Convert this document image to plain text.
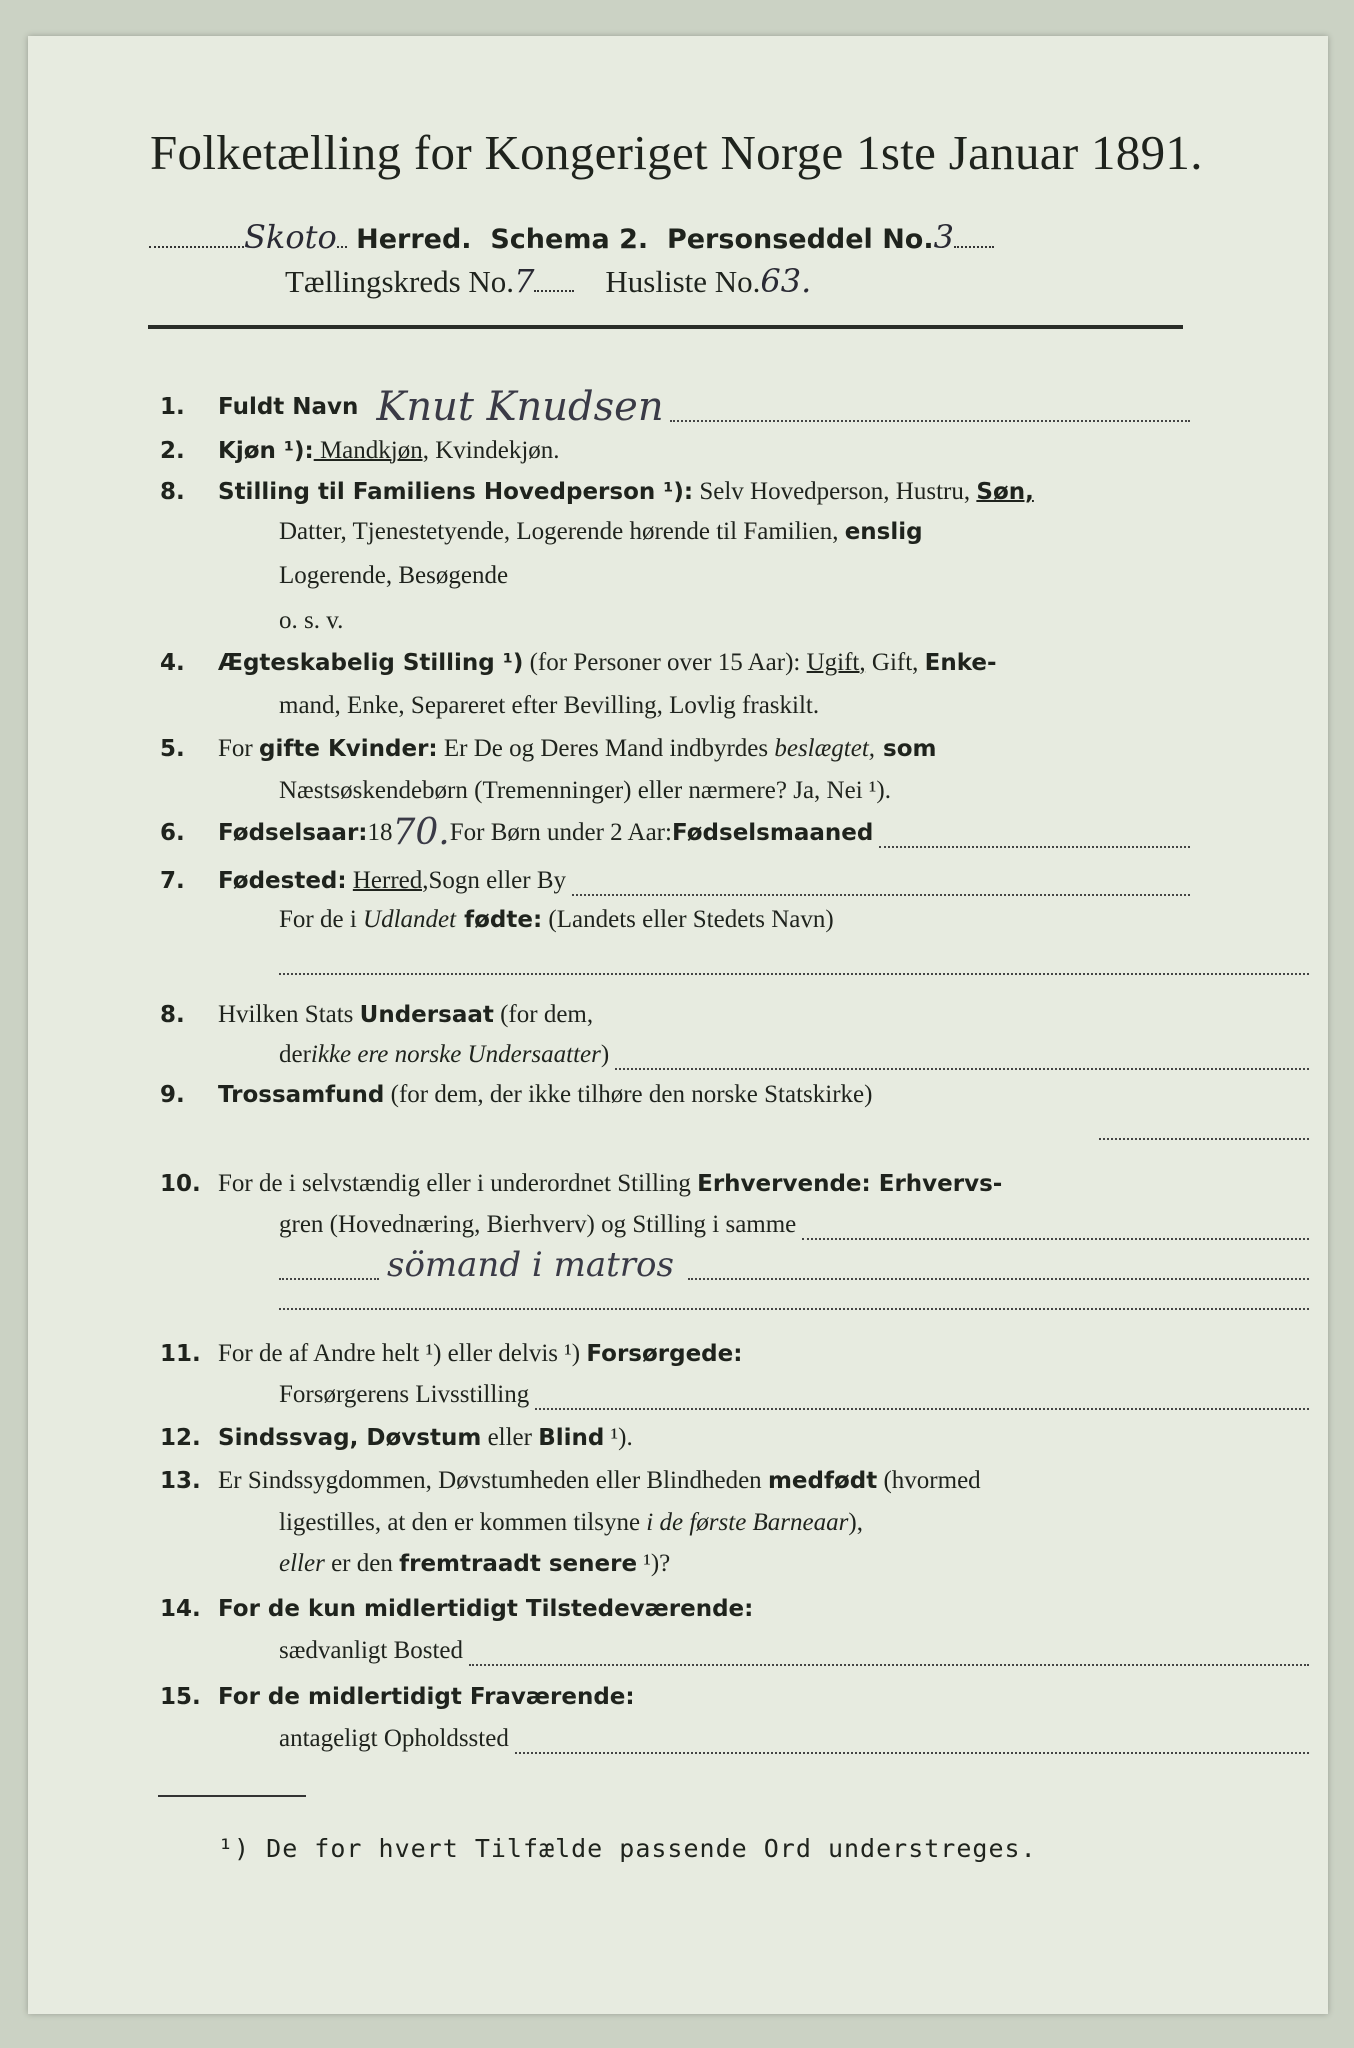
Folketælling for Kongeriget Norge 1ste Januar 1891.
Skoto Herred. Schema 2. Personseddel No.3
Tællingskreds No.7 Husliste No.63.
1.	Fuldt Navn Knut Knudsen
2. Kjøn ¹): Mandkjøn, Kvindekjøn.
8. Stilling til Familiens Hovedperson ¹): Selv Hovedperson, Hustru, Søn,
Datter, Tjenestetyende, Logerende hørende til Familien, enslig
Logerende, Besøgende
o. s. v.
4. Ægteskabelig Stilling ¹) (for Personer over 15 Aar): Ugift, Gift, Enke-
mand, Enke, Separeret efter Bevilling, Lovlig fraskilt.
5. For gifte Kvinder: Er De og Deres Mand indbyrdes beslægtet, som
Næstsøskendebørn (Tremenninger) eller nærmere? Ja, Nei ¹).
6.	Fødselsaar: 18 70. For Børn under 2 Aar: Fødselsmaaned
7.	Fødested:
Herred, Sogn eller By
For de i Udlandet fødte: (Landets eller Stedets Navn)
8. Hvilken Stats Undersaat (for dem,
der ikke ere norske Undersaatter )
9. Trossamfund (for dem, der ikke tilhøre den norske Statskirke)
10. For de i selvstændig eller i underordnet Stilling Erhvervende: Erhvervs-
gren (Hovednæring, Bierhverv) og Stilling i samme
sömand i matros
11. For de af Andre helt ¹) eller delvis ¹) Forsørgede:
Forsørgerens Livsstilling
12. Sindssvag, Døvstum eller Blind ¹).
13. Er Sindssygdommen, Døvstumheden eller Blindheden medfødt (hvormed
ligestilles, at den er kommen tilsyne i de første Barneaar),
eller er den fremtraadt senere ¹)?
14. For de kun midlertidigt Tilstedeværende:
sædvanligt Bosted
15. For de midlertidigt Fraværende:
antageligt Opholdssted
¹) De for hvert Tilfælde passende Ord understreges.
